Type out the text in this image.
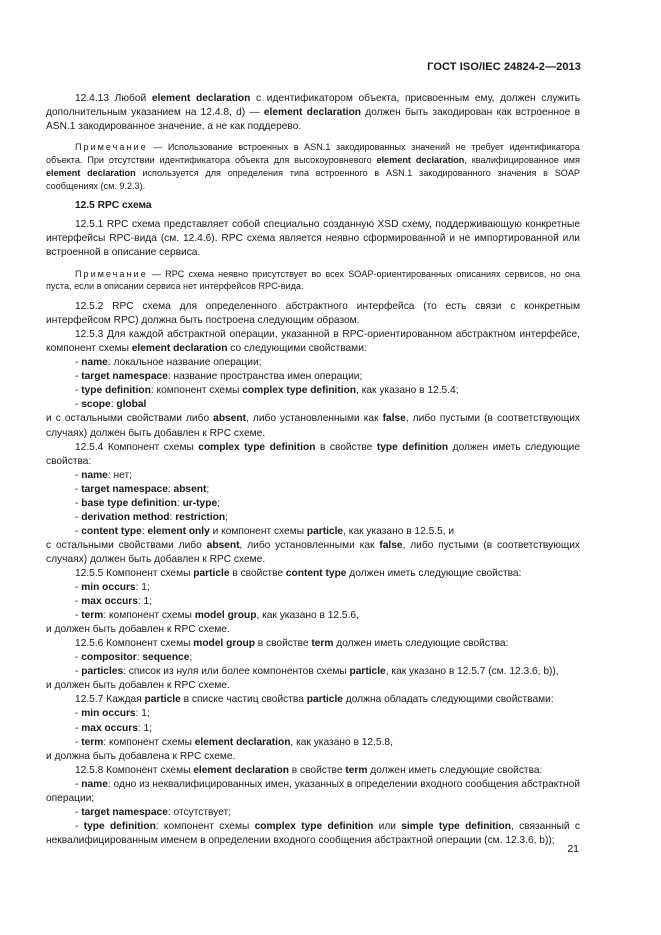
ГОСТ ISO/IEC 24824-2—2013

12.4.13 Любой element declaration с идентификатором объекта, присвоенным ему, должен служить дополнительным указанием на 12.4.8, d) — element declaration должен быть закодирован как встроенное в ASN.1 закодированное значение, а не как поддерево.

Примечание — Использование встроенных в ASN.1 закодированных значений не требует идентификатора объекта. При отсутствии идентификатора объекта для высокоуровневого element declaration, квалифицированное имя element declaration используется для определения типа встроенного в ASN.1 закодированного значения в SOAP сообщениях (см. 9.2.3).

12.5 RPC схема

12.5.1 RPC схема представляет собой специально созданную XSD схему, поддерживающую конкретные интерфейсы RPC-вида (см. 12.4.6). RPC схема является неявно сформированной и не импортированной или встроенной в описание сервиса.

Примечание — RPC схема неявно присутствует во всех SOAP-ориентированных описаниях сервисов, но она пуста, если в описании сервиса нет интерфейсов RPC-вида.

12.5.2 RPC схема для определенного абстрактного интерфейса (то есть связи с конкретным интерфейсом RPC) должна быть построена следующим образом.

12.5.3 Для каждой абстрактной операции, указанной в RPC-ориентированном абстрактном интерфейсе, компонент схемы element declaration со следующими свойствами:

- name: локальное название операции;

- target namespace: название пространства имен операции;

- type definition: компонент схемы complex type definition, как указано в 12.5.4;

- scope: global

и с остальными свойствами либо absent, либо установленными как false, либо пустыми (в соответствующих случаях) должен быть добавлен к RPC схеме.

12.5.4 Компонент схемы complex type definition в свойстве type definition должен иметь следующие свойства:

- name: нет;

- target namespace: absent;

- base type definition: ur-type;

- derivation method: restriction;

- content type: element only и компонент схемы particle, как указано в 12.5.5, и

с остальными свойствами либо absent, либо установленными как false, либо пустыми (в соответствующих случаях) должен быть добавлен к RPC схеме.

12.5.5 Компонент схемы particle в свойстве content type должен иметь следующие свойства:

- min occurs: 1;

- max occurs: 1;

- term: компонент схемы model group, как указано в 12.5.6,

и должен быть добавлен к RPC схеме.

12.5.6 Компонент схемы model group в свойстве term должен иметь следующие свойства:

- compositor: sequence;

- particles: список из нуля или более компонентов схемы particle, как указано в 12.5.7 (см. 12.3.6, b)),

и должен быть добавлен к RPC схеме.

12.5.7 Каждая particle в списке частиц свойства particle должна обладать следующими свойствами:

- min occurs: 1;

- max occurs: 1;

- term: компонент схемы element declaration, как указано в 12.5.8,

и должна быть добавлена к RPC схеме.

12.5.8 Компонент схемы element declaration в свойстве term должен иметь следующие свойства:

- name: одно из неквалифицированных имен, указанных в определении входного сообщения абстрактной операции;

- target namespace: отсутствует;

- type definition: компонент схемы complex type definition или simple type definition, связанный с неквалифицированным именем в определении входного сообщения абстрактной операции (см. 12.3.6, b));

21
